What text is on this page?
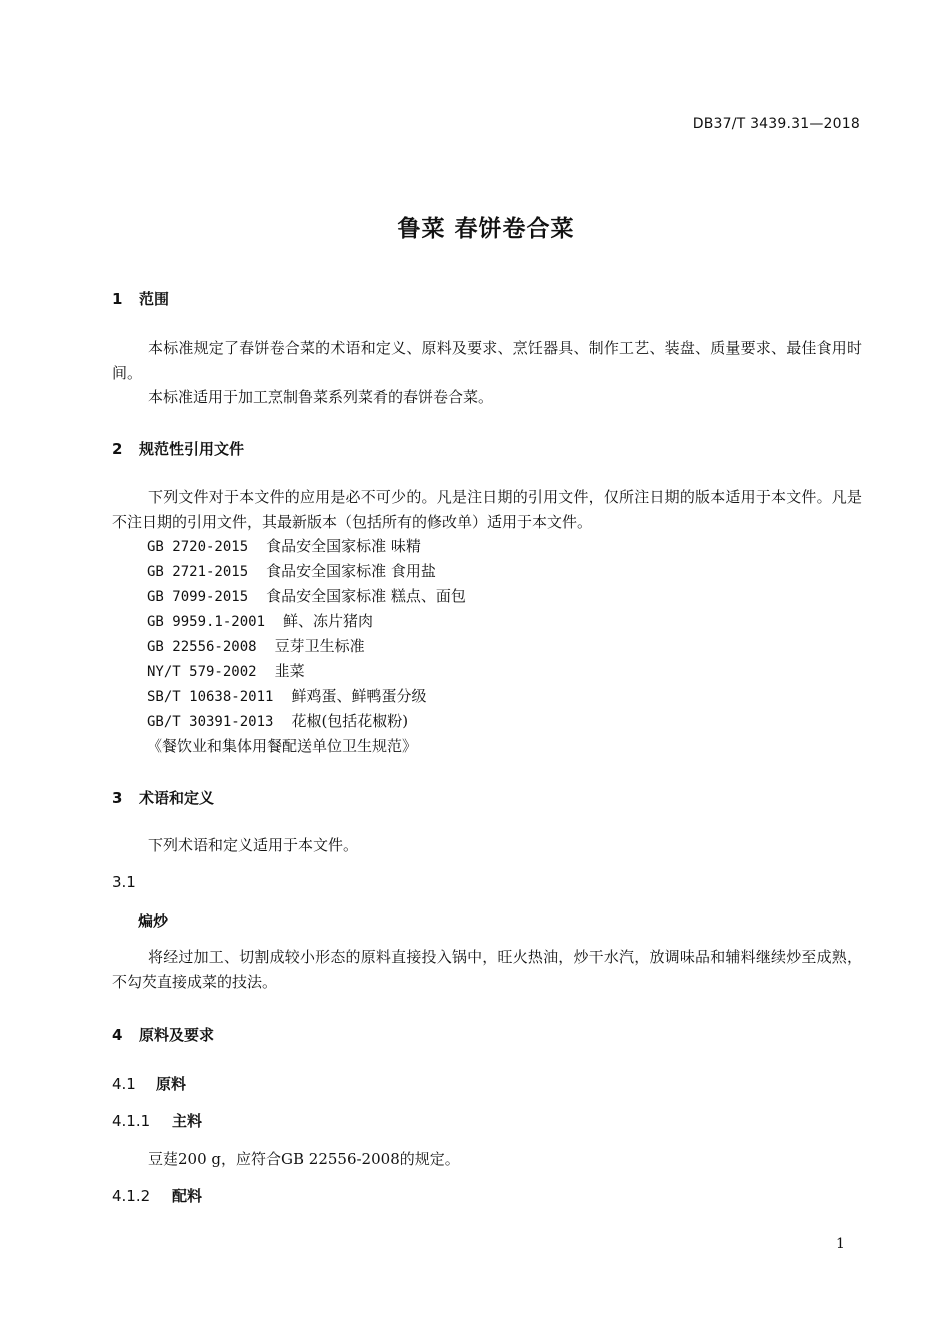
DB37/T 3439.31—2018
鲁菜 春饼卷合菜
1 范围
本标准规定了春饼卷合菜的术语和定义、原料及要求、烹饪器具、制作工艺、装盘、质量要求、最佳食用时间。
本标准适用于加工烹制鲁菜系列菜肴的春饼卷合菜。
2 规范性引用文件
下列文件对于本文件的应用是必不可少的。凡是注日期的引用文件，仅所注日期的版本适用于本文件。凡是不注日期的引用文件，其最新版本（包括所有的修改单）适用于本文件。
GB 2720-2015 食品安全国家标准 味精
GB 2721-2015 食品安全国家标准 食用盐
GB 7099-2015 食品安全国家标准 糕点、面包
GB 9959.1-2001 鲜、冻片猪肉
GB 22556-2008 豆芽卫生标准
NY/T 579-2002 韭菜
SB/T 10638-2011 鲜鸡蛋、鲜鸭蛋分级
GB/T 30391-2013 花椒(包括花椒粉)
《餐饮业和集体用餐配送单位卫生规范》
3 术语和定义
下列术语和定义适用于本文件。
3.1
煸炒
将经过加工、切割成较小形态的原料直接投入锅中，旺火热油，炒干水汽，放调味品和辅料继续炒至成熟，不勾芡直接成菜的技法。
4 原料及要求
4.1 原料
4.1.1 主料
豆莛200 g，应符合GB 22556-2008的规定。
4.1.2 配料
1
